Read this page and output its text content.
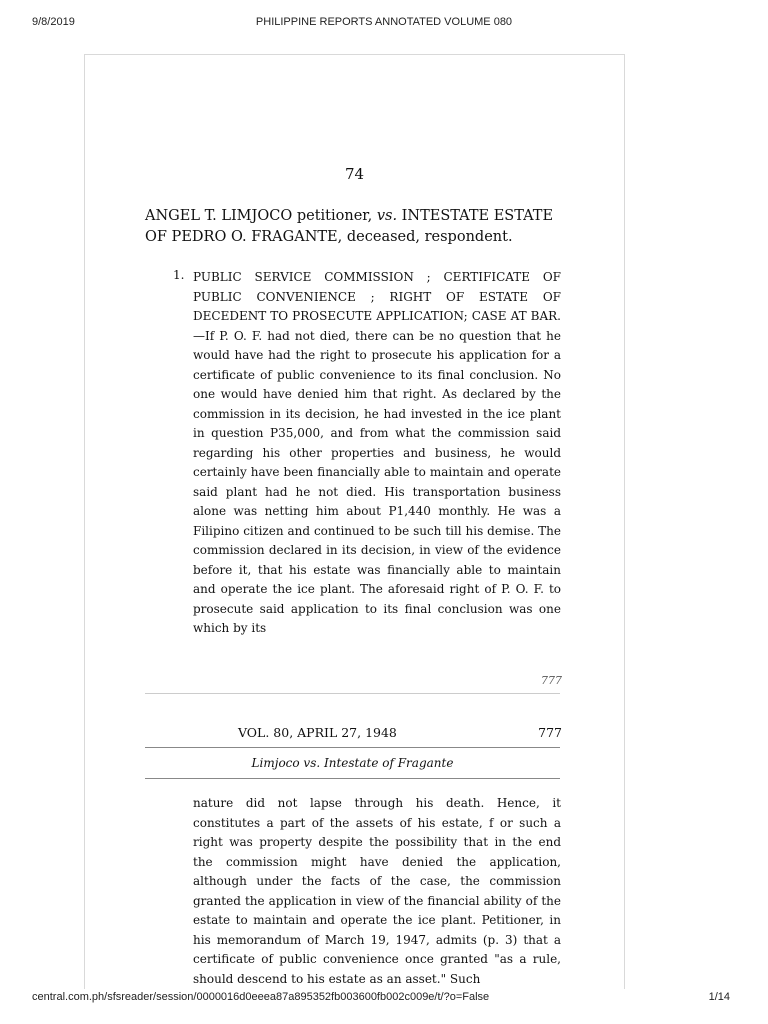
9/8/2019	PHILIPPINE REPORTS ANNOTATED VOLUME 080
74
ANGEL T. LIMJOCO petitioner, vs. INTESTATE ESTATE OF PEDRO O. FRAGANTE, deceased, respondent.
1. PUBLIC SERVICE COMMISSION ; CERTIFICATE OF PUBLIC CONVENIENCE ; RIGHT OF ESTATE OF DECEDENT TO PROSECUTE APPLICATION; CASE AT BAR.—If P. O. F. had not died, there can be no question that he would have had the right to prosecute his application for a certificate of public convenience to its final conclusion. No one would have denied him that right. As declared by the commission in its decision, he had invested in the ice plant in question P35,000, and from what the commission said regarding his other properties and business, he would certainly have been financially able to maintain and operate said plant had he not died. His transportation business alone was netting him about P1,440 monthly. He was a Filipino citizen and continued to be such till his demise. The commission declared in its decision, in view of the evidence before it, that his estate was financially able to maintain and operate the ice plant. The aforesaid right of P. O. F. to prosecute said application to its final conclusion was one which by its
777
VOL. 80, APRIL 27, 1948	777
Limjoco vs. Intestate of Fragante
nature did not lapse through his death. Hence, it constitutes a part of the assets of his estate, f or such a right was property despite the possibility that in the end the commission might have denied the application, although under the facts of the case, the commission granted the application in view of the financial ability of the estate to maintain and operate the ice plant. Petitioner, in his memorandum of March 19, 1947, admits (p. 3) that a certificate of public convenience once granted "as a rule, should descend to his estate as an asset." Such
central.com.ph/sfsreader/session/0000016d0eeea87a895352fb003600fb002c009e/t/?o=False	1/14
